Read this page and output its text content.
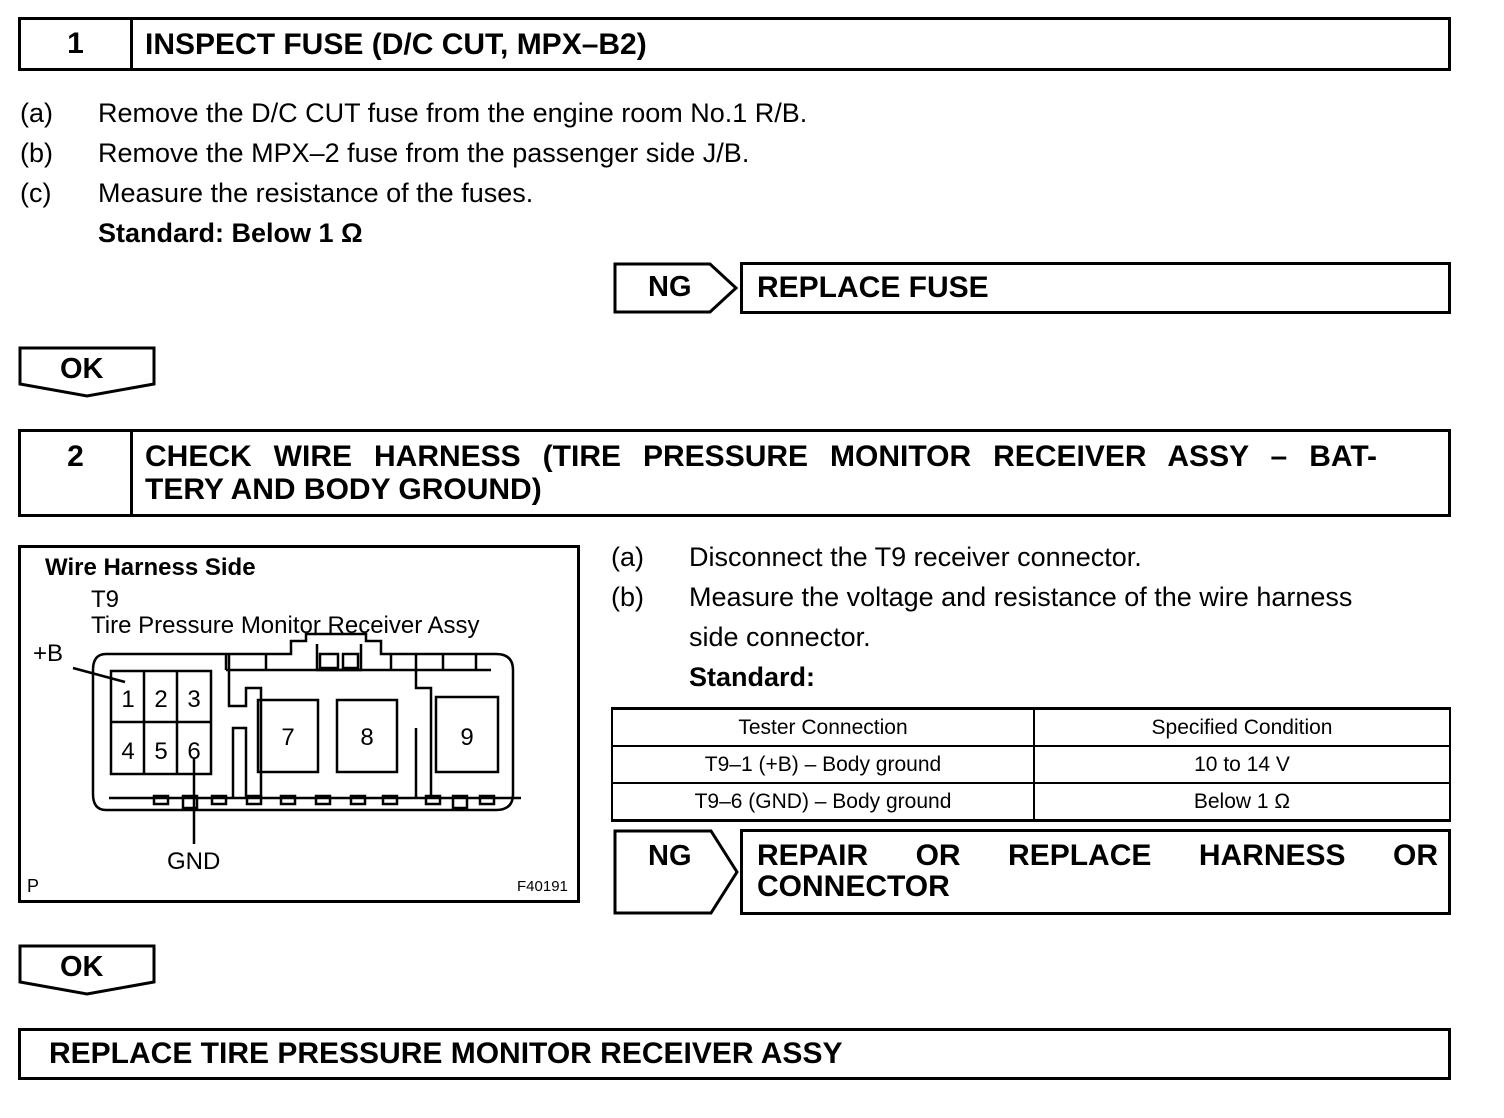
1	INSPECT FUSE (D/C CUT, MPX–B2)
(a) Remove the D/C CUT fuse from the engine room No.1 R/B.
(b) Remove the MPX–2 fuse from the passenger side J/B.
(c) Measure the resistance of the fuses.
Standard: Below 1 Ω
NG	REPLACE FUSE
OK
2	CHECK WIRE HARNESS (TIRE PRESSURE MONITOR RECEIVER ASSY – BAT-
TERY AND BODY GROUND)
Wire Harness Side
T9
Tire Pressure Monitor Receiver Assy
+B
GND
P	F40191
1 2 3
4 5 6
7	8	9
(a) Disconnect the T9 receiver connector.
(b) Measure the voltage and resistance of the wire harness
side connector.
Standard:
Tester Connection	Specified Condition
T9–1 (+B) – Body ground	10 to 14 V
T9–6 (GND) – Body ground	Below 1 Ω
NG REPAIR OR REPLACE HARNESS OR
CONNECTOR
OK
REPLACE TIRE PRESSURE MONITOR RECEIVER ASSY
